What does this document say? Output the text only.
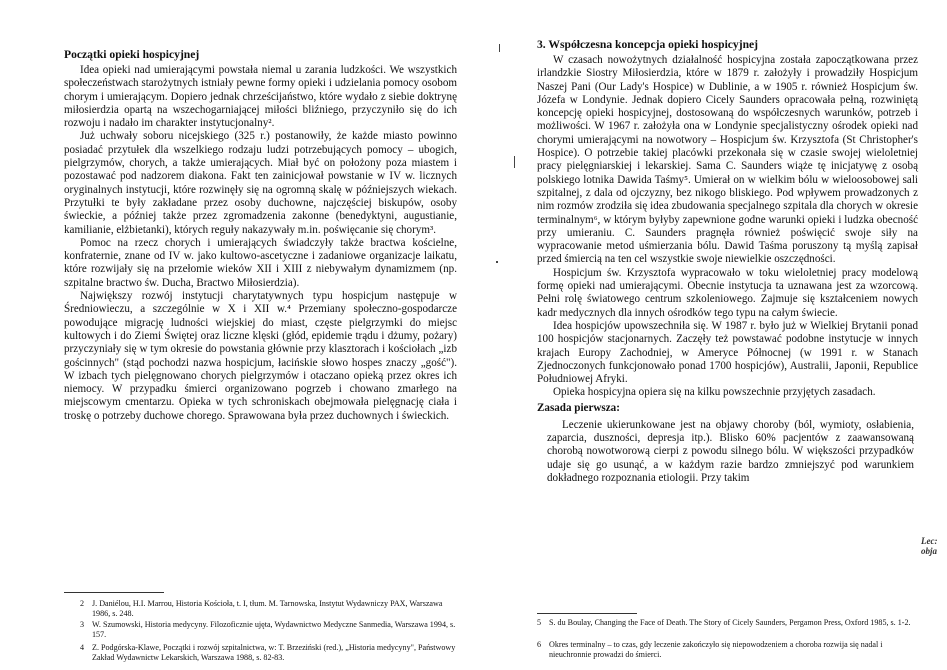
Początki opieki hospicyjnej

Idea opieki nad umierającymi powstała niemal u zarania ludzkości. We wszystkich społeczeństwach starożytnych istniały pewne formy opieki i udzielania pomocy osobom chorym i umierającym. Dopiero jednak chrześcijaństwo, które wydało z siebie doktrynę miłosierdzia opartą na wszechogarniającej miłości bliźniego, przyczyniło się do ich rozwoju i nadało im charakter instytucjonalny².

Już uchwały soboru nicejskiego (325 r.) postanowiły, że każde miasto powinno posiadać przytułek dla wszelkiego rodzaju ludzi potrzebujących pomocy – ubogich, pielgrzymów, chorych, a także umierających. Miał być on położony poza miastem i pozostawać pod nadzorem diakona. Fakt ten zainicjował powstanie w IV w. licznych oryginalnych instytucji, które rozwinęły się na ogromną skalę w późniejszych wiekach. Przytułki te były zakładane przez osoby duchowne, najczęściej biskupów, osoby świeckie, a później także przez zgromadzenia zakonne (benedyktyni, augustianie, kamilianie, elżbietanki), których reguły nakazywały m.in. poświęcanie się chorym³.

Pomoc na rzecz chorych i umierających świadczyły także bractwa kościelne, konfraternie, znane od IV w. jako kultowo-ascetyczne i zadaniowe organizacje laikatu, które rozwijały się na przełomie wieków XII i XIII z niebywałym dynamizmem (np. szpitalne bractwo św. Ducha, Bractwo Miłosierdzia).

Największy rozwój instytucji charytatywnych typu hospicjum następuje w Średniowieczu, a szczególnie w X i XII w.⁴ Przemiany społeczno-gospodarcze powodujące migrację ludności wiejskiej do miast, częste pielgrzymki do miejsc kultowych i do Ziemi Świętej oraz liczne klęski (głód, epidemie trądu i dżumy, pożary) przyczyniały się w tym okresie do powstania głównie przy klasztorach i kościołach „izb gościnnych" (stąd pochodzi nazwa hospicjum, łacińskie słowo hospes znaczy „gość"). W izbach tych pielęgnowano chorych pielgrzymów i otaczano opieką przez okres ich niemocy. W przypadku śmierci organizowano pogrzeb i chowano zmarłego na miejscowym cmentarzu. Opieka w tych schroniskach obejmowała pielęgnację ciała i troskę o potrzeby duchowe chorego. Sprawowana była przez duchownych i świeckich.

2 J. Daniélou, H.I. Marrou, Historia Kościoła, t. I, tłum. M. Tarnowska, Instytut Wydawniczy PAX, Warszawa 1986, s. 248.
3 W. Szumowski, Historia medycyny. Filozoficznie ujęta, Wydawnictwo Medyczne Sanmedia, Warszawa 1994, s. 157.
4 Z. Podgórska-Klawe, Początki i rozwój szpitalnictwa, w: T. Brzeziński (red.), „Historia medycyny", Państwowy Zakład Wydawnictw Lekarskich, Warszawa 1988, s. 82-83.
3. Współczesna koncepcja opieki hospicyjnej

W czasach nowożytnych działalność hospicyjna została zapoczątkowana przez irlandzkie Siostry Miłosierdzia, które w 1879 r. założyły i prowadziły Hospicjum Naszej Pani (Our Lady's Hospice) w Dublinie, a w 1905 r. również Hospicjum św. Józefa w Londynie. Jednak dopiero Cicely Saunders opracowała pełną, rozwiniętą koncepcję opieki hospicyjnej, dostosowaną do współczesnych warunków, potrzeb i możliwości. W 1967 r. założyła ona w Londynie specjalistyczny ośrodek opieki nad chorymi umierającymi na nowotwory – Hospicjum św. Krzysztofa (St Christopher's Hospice). O potrzebie takiej placówki przekonała się w czasie swojej wieloletniej pracy pielęgniarskiej i lekarskiej. Sama C. Saunders wiąże tę inicjatywę z osobą polskiego lotnika Dawida Taśmy⁵. Umierał on w wielkim bólu w wieloosobowej sali szpitalnej, z dala od ojczyzny, bez nikogo bliskiego. Pod wpływem prowadzonych z nim rozmów zrodziła się idea zbudowania specjalnego szpitala dla chorych w okresie terminalnym⁶, w którym byłyby zapewnione godne warunki opieki i ludzka obecność przy umieraniu. C. Saunders pragnęła również poświęcić swoje siły na wypracowanie metod uśmierzania bólu. Dawid Taśma poruszony tą myślą zapisał przed śmiercią na ten cel wszystkie swoje niewielkie oszczędności.

Hospicjum św. Krzysztofa wypracowało w toku wieloletniej pracy modelową formę opieki nad umierającymi. Obecnie instytucja ta uznawana jest za wzorcową. Pełni rolę światowego centrum szkoleniowego. Zajmuje się kształceniem nowych kadr medycznych dla innych ośrodków tego typu na całym świecie.

Idea hospicjów upowszechniła się. W 1987 r. było już w Wielkiej Brytanii ponad 100 hospicjów stacjonarnych. Zaczęły też powstawać podobne instytucje w innych krajach Europy Zachodniej, w Ameryce Północnej (w 1991 r. w Stanach Zjednoczonych funkcjonowało ponad 1700 hospicjów), Australii, Japonii, Republice Południowej Afryki.

Opieka hospicyjna opiera się na kilku powszechnie przyjętych zasadach.

Zasada pierwsza:

Leczenie ukierunkowane jest na objawy choroby (ból, wymioty, osłabienia, zaparcia, duszności, depresja itp.). Blisko 60% pacjentów z zaawansowaną chorobą nowotworową cierpi z powodu silnego bólu. W większości przypadków udaje się go usunąć, a w każdym razie bardzo zmniejszyć pod warunkiem dokładnego rozpoznania etiologii. Przy takim

Lec: obja
5 S. du Boulay, Changing the Face of Death. The Story of Cicely Saunders, Pergamon Press, Oxford 1985, s. 1-2.
6 Okres terminalny – to czas, gdy leczenie zakończyło się niepowodzeniem a choroba rozwija się nadal i nieuchronnie prowadzi do śmierci.
